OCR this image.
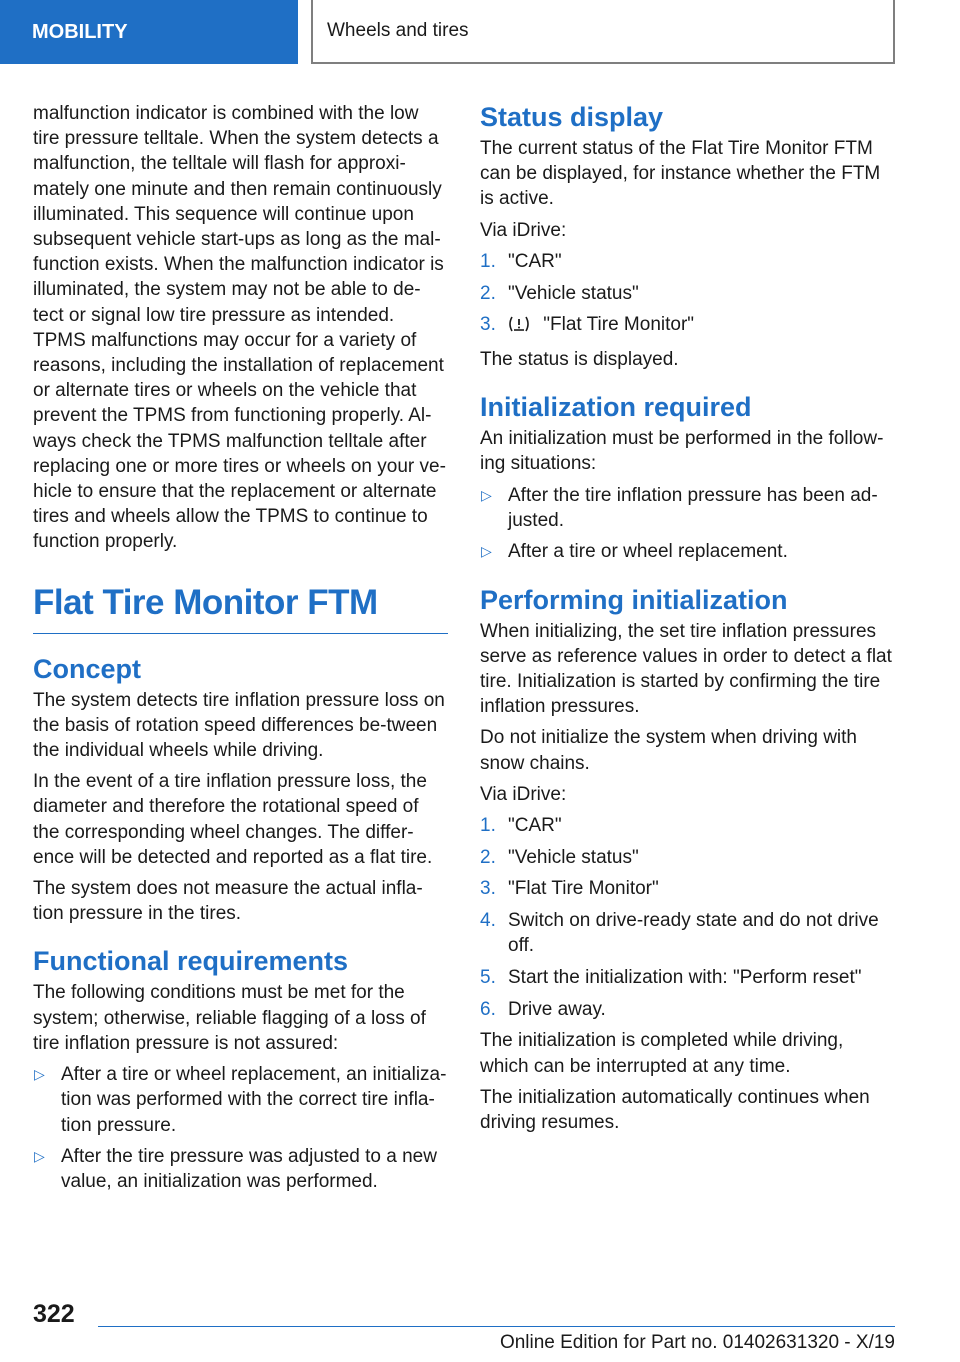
MOBILITY	Wheels and tires

malfunction indicator is combined with the low tire pressure telltale. When the system detects a malfunction, the telltale will flash for approxi-mately one minute and then remain continuously illuminated. This sequence will continue upon subsequent vehicle start-ups as long as the mal-function exists. When the malfunction indicator is illuminated, the system may not be able to de-tect or signal low tire pressure as intended. TPMS malfunctions may occur for a variety of reasons, including the installation of replacement or alternate tires or wheels on the vehicle that prevent the TPMS from functioning properly. Al-ways check the TPMS malfunction telltale after replacing one or more tires or wheels on your ve-hicle to ensure that the replacement or alternate tires and wheels allow the TPMS to continue to function properly.

Flat Tire Monitor FTM
Concept

The system detects tire inflation pressure loss on the basis of rotation speed differences be-tween the individual wheels while driving.

In the event of a tire inflation pressure loss, the diameter and therefore the rotational speed of the corresponding wheel changes. The differ-ence will be detected and reported as a flat tire.

The system does not measure the actual infla-tion pressure in the tires.

Functional requirements

The following conditions must be met for the system; otherwise, reliable flagging of a loss of tire inflation pressure is not assured:

▷ After a tire or wheel replacement, an initializa-tion was performed with the correct tire infla-tion pressure.
▷ After the tire pressure was adjusted to a new value, an initialization was performed.
Status display

The current status of the Flat Tire Monitor FTM can be displayed, for instance whether the FTM is active.

Via iDrive:

1. "CAR"
2. "Vehicle status"
3. "Flat Tire Monitor"

The status is displayed.

Initialization required

An initialization must be performed in the follow-ing situations:

▷ After the tire inflation pressure has been ad-justed.
▷ After a tire or wheel replacement.
Performing initialization

When initializing, the set tire inflation pressures serve as reference values in order to detect a flat tire. Initialization is started by confirming the tire inflation pressures.

Do not initialize the system when driving with snow chains.

Via iDrive:

1. "CAR"
2. "Vehicle status"
3. "Flat Tire Monitor"
4. Switch on drive-ready state and do not drive off.
5. Start the initialization with: "Perform reset"
6. Drive away.

The initialization is completed while driving, which can be interrupted at any time.

The initialization automatically continues when driving resumes.

322
Online Edition for Part no. 01402631320 - X/19
